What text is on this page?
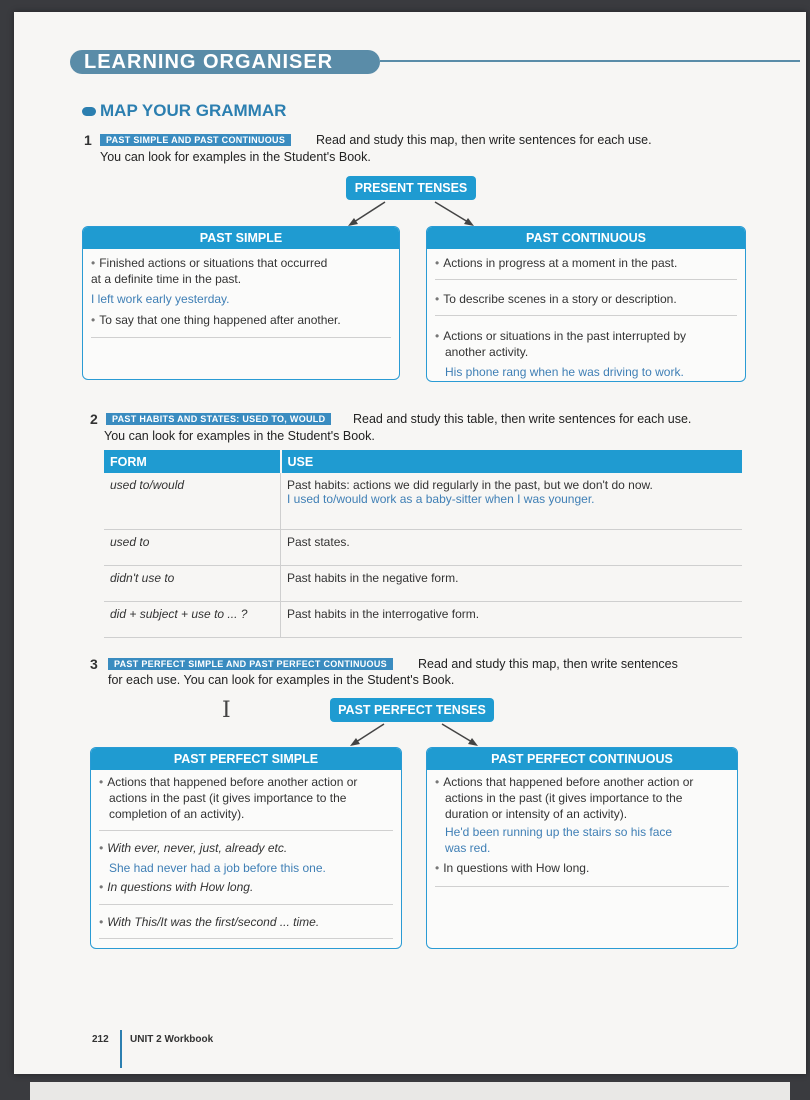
LEARNING ORGANISER
MAP YOUR GRAMMAR
1	PAST SIMPLE AND PAST CONTINUOUS	Read and study this map, then write sentences for each use.
You can look for examples in the Student's Book.
PRESENT TENSES
PAST SIMPLE
• Finished actions or situations that occurred
at a definite time in the past.
I left work early yesterday.
• To say that one thing happened after another.
PAST CONTINUOUS
• Actions in progress at a moment in the past.
• To describe scenes in a story or description.
• Actions or situations in the past interrupted by
another activity.
His phone rang when he was driving to work.
2	PAST HABITS AND STATES: USED TO, WOULD	Read and study this table, then write sentences for each use.
You can look for examples in the Student's Book.
FORM	USE
used to/would	Past habits: actions we did regularly in the past, but we don't do now.
I used to/would work as a baby-sitter when I was younger.

used to	Past states.
didn't use to	Past habits in the negative form.
did + subject + use to ... ?	Past habits in the interrogative form.
3	PAST PERFECT SIMPLE AND PAST PERFECT CONTINUOUS	Read and study this map, then write sentences
for each use. You can look for examples in the Student's Book.
I	PAST PERFECT TENSES
PAST PERFECT SIMPLE
• Actions that happened before another action or
actions in the past (it gives importance to the
completion of an activity).
• With ever, never, just, already etc.
She had never had a job before this one.
• In questions with How long.
• With This/It was the first/second ... time.
PAST PERFECT CONTINUOUS
• Actions that happened before another action or
actions in the past (it gives importance to the
duration or intensity of an activity).
He'd been running up the stairs so his face
was red.
• In questions with How long.
212 UNIT 2 Workbook
